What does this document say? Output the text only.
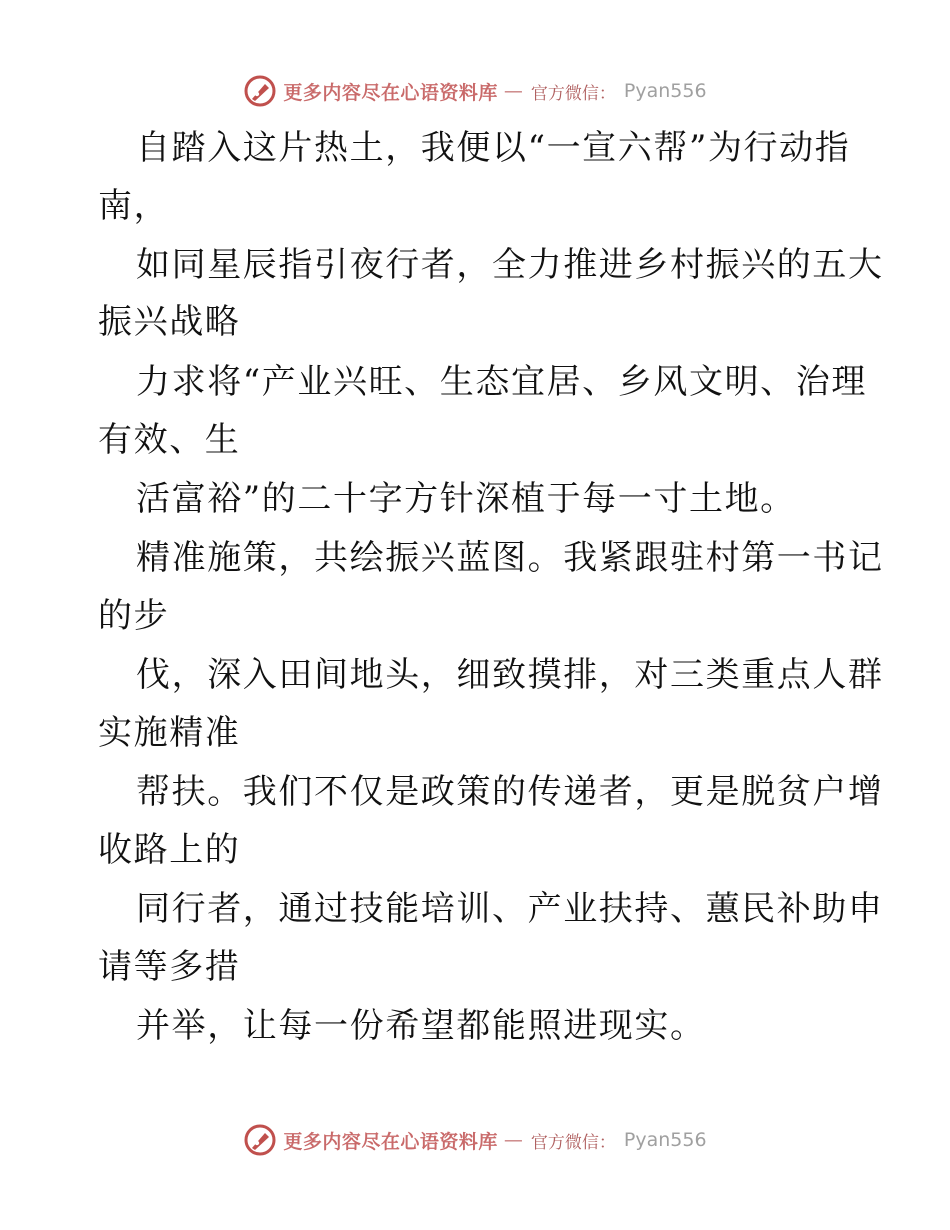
更多内容尽在心语资料库 — 官方微信： Pyan556
自踏入这片热土，我便以“一宣六帮”为行动指
南，
如同星辰指引夜行者，全力推进乡村振兴的五大
振兴战略
力求将“产业兴旺、生态宜居、乡风文明、治理
有效、生
活富裕”的二十字方针深植于每一寸土地。
精准施策，共绘振兴蓝图。我紧跟驻村第一书记
的步
伐，深入田间地头，细致摸排，对三类重点人群
实施精准
帮扶。我们不仅是政策的传递者，更是脱贫户增
收路上的
同行者，通过技能培训、产业扶持、蕙民补助申
请等多措
并举，让每一份希望都能照进现实。
更多内容尽在心语资料库 — 官方微信： Pyan556
